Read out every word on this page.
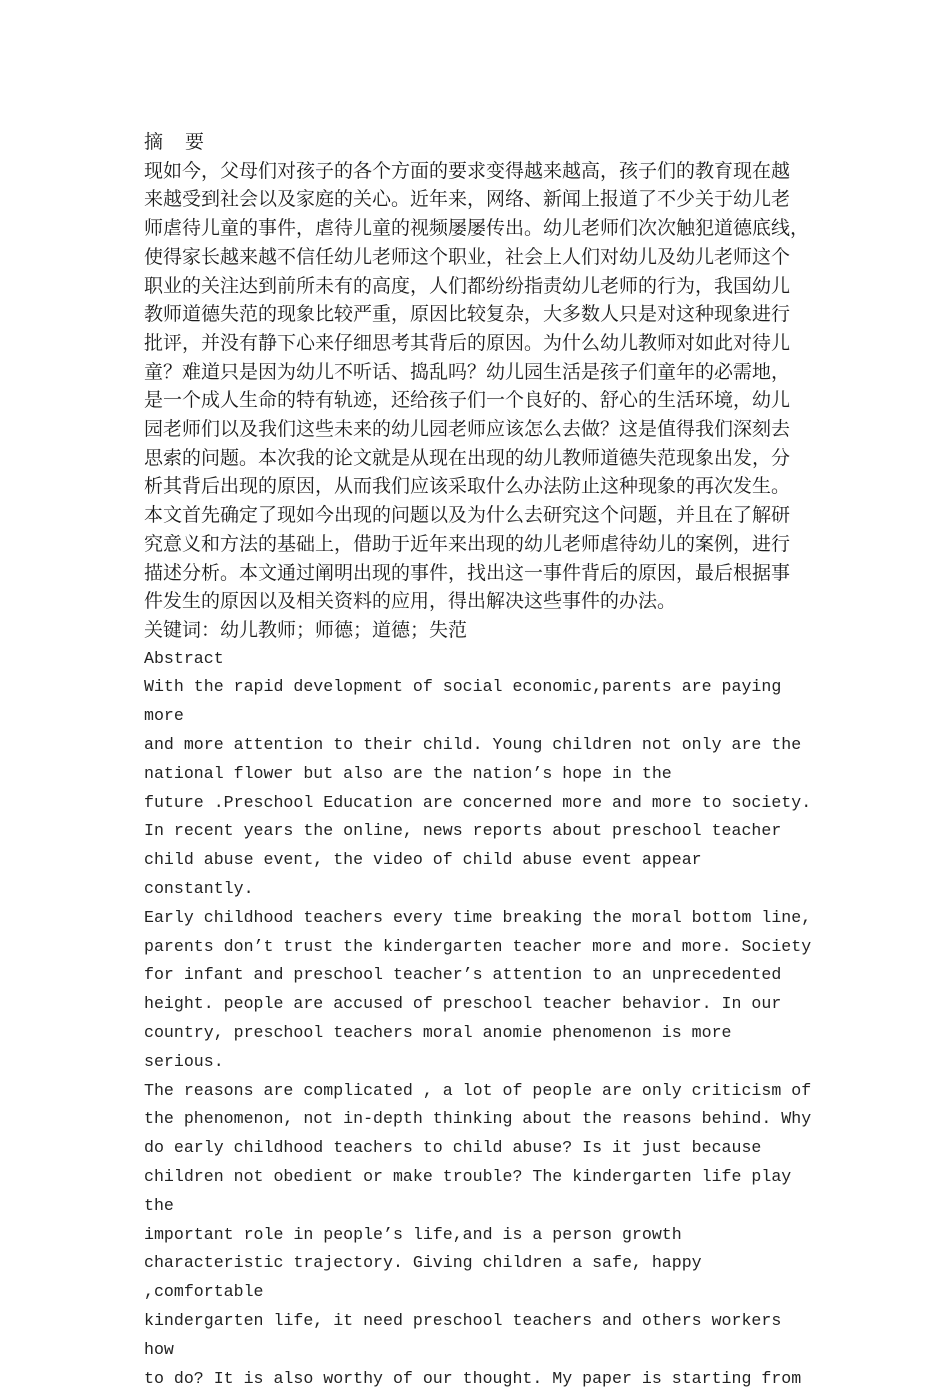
摘 要

现如今，父母们对孩子的各个方面的要求变得越来越高，孩子们的教育现在越
来越受到社会以及家庭的关心。近年来，网络、新闻上报道了不少关于幼儿老
师虐待儿童的事件，虐待儿童的视频屡屡传出。幼儿老师们次次触犯道德底线，
使得家长越来越不信任幼儿老师这个职业，社会上人们对幼儿及幼儿老师这个
职业的关注达到前所未有的高度，人们都纷纷指责幼儿老师的行为，我国幼儿
教师道德失范的现象比较严重，原因比较复杂，大多数人只是对这种现象进行
批评，并没有静下心来仔细思考其背后的原因。为什么幼儿教师对如此对待儿
童？难道只是因为幼儿不听话、捣乱吗？幼儿园生活是孩子们童年的必需地，
是一个成人生命的特有轨迹，还给孩子们一个良好的、舒心的生活环境，幼儿
园老师们以及我们这些未来的幼儿园老师应该怎么去做？这是值得我们深刻去
思索的问题。本次我的论文就是从现在出现的幼儿教师道德失范现象出发，分
析其背后出现的原因，从而我们应该采取什么办法防止这种现象的再次发生。
本文首先确定了现如今出现的问题以及为什么去研究这个问题，并且在了解研
究意义和方法的基础上，借助于近年来出现的幼儿老师虐待幼儿的案例，进行
描述分析。本文通过阐明出现的事件，找出这一事件背后的原因，最后根据事
件发生的原因以及相关资料的应用，得出解决这些事件的办法。

关键词：幼儿教师；师德；道德；失范

Abstract

With the rapid development of social economic,parents are paying more
and more attention to their child. Young children not only are the
national flower but also are the nation’s hope in the
future .Preschool Education are concerned more and more to society.
In recent years the online, news reports about preschool teacher
child abuse event, the video of child abuse event appear constantly.
Early childhood teachers every time breaking the moral bottom line,
parents don’t trust the kindergarten teacher more and more. Society
for infant and preschool teacher’s attention to an unprecedented
height. people are accused of preschool teacher behavior. In our
country, preschool teachers moral anomie phenomenon is more serious.
The reasons are complicated , a lot of people are only criticism of
the phenomenon, not in-depth thinking about the reasons behind. Why
do early childhood teachers to child abuse? Is it just because
children not obedient or make trouble? The kindergarten life play the
important role in people’s life,and is a person growth
characteristic trajectory. Giving children a safe, happy ,comfortable
kindergarten life, it need preschool teachers and others workers how
to do? It is also worthy of our thought. My paper is starting from
